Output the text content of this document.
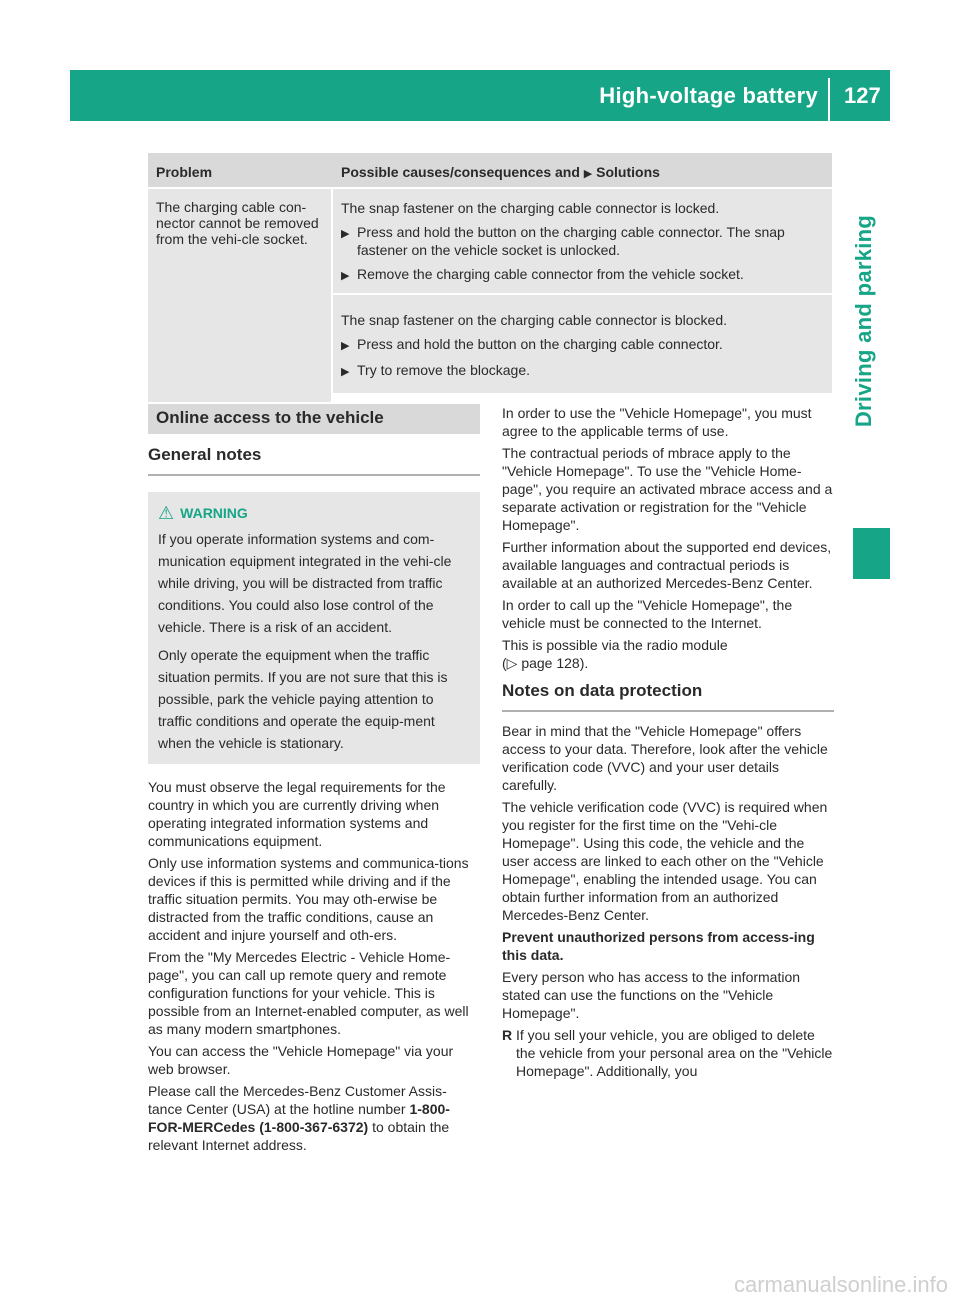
High-voltage battery 127
Driving and parking
Problem	Possible causes/consequences and ▶ Solutions
The charging cable con-nector cannot be removed from the vehi-cle socket.
The snap fastener on the charging cable connector is locked.
▶ Press and hold the button on the charging cable connector. The snap fastener on the vehicle socket is unlocked.
▶ Remove the charging cable connector from the vehicle socket.
The snap fastener on the charging cable connector is blocked.
▶ Press and hold the button on the charging cable connector.
▶ Try to remove the blockage.
Online access to the vehicle
General notes
⚠ WARNING

If you operate information systems and com-munication equipment integrated in the vehi-cle while driving, you will be distracted from traffic conditions. You could also lose control of the vehicle. There is a risk of an accident.

Only operate the equipment when the traffic situation permits. If you are not sure that this is possible, park the vehicle paying attention to traffic conditions and operate the equip-ment when the vehicle is stationary.

You must observe the legal requirements for the country in which you are currently driving when operating integrated information systems and communications equipment.

Only use information systems and communica-tions devices if this is permitted while driving and if the traffic situation permits. You may oth-erwise be distracted from the traffic conditions, cause an accident and injure yourself and oth-ers.

From the "My Mercedes Electric - Vehicle Home-page", you can call up remote query and remote configuration functions for your vehicle. This is possible from an Internet-enabled computer, as well as many modern smartphones.

You can access the "Vehicle Homepage" via your web browser.

Please call the Mercedes-Benz Customer Assis-tance Center (USA) at the hotline number 1-800-FOR-MERCedes (1-800-367-6372) to obtain the relevant Internet address.

In order to use the "Vehicle Homepage", you must agree to the applicable terms of use.

The contractual periods of mbrace apply to the "Vehicle Homepage". To use the "Vehicle Home-page", you require an activated mbrace access and a separate activation or registration for the "Vehicle Homepage".

Further information about the supported end devices, available languages and contractual periods is available at an authorized Mercedes-Benz Center.

In order to call up the "Vehicle Homepage", the vehicle must be connected to the Internet.

This is possible via the radio module
(▷ page 128).

Notes on data protection

Bear in mind that the "Vehicle Homepage" offers access to your data. Therefore, look after the vehicle verification code (VVC) and your user details carefully.

The vehicle verification code (VVC) is required when you register for the first time on the "Vehi-cle Homepage". Using this code, the vehicle and the user access are linked to each other on the "Vehicle Homepage", enabling the intended usage. You can obtain further information from an authorized Mercedes-Benz Center.

Prevent unauthorized persons from access-ing this data.

Every person who has access to the information stated can use the functions on the "Vehicle Homepage".

R If you sell your vehicle, you are obliged to delete the vehicle from your personal area on the "Vehicle Homepage". Additionally, you
carmanualsonline.info
